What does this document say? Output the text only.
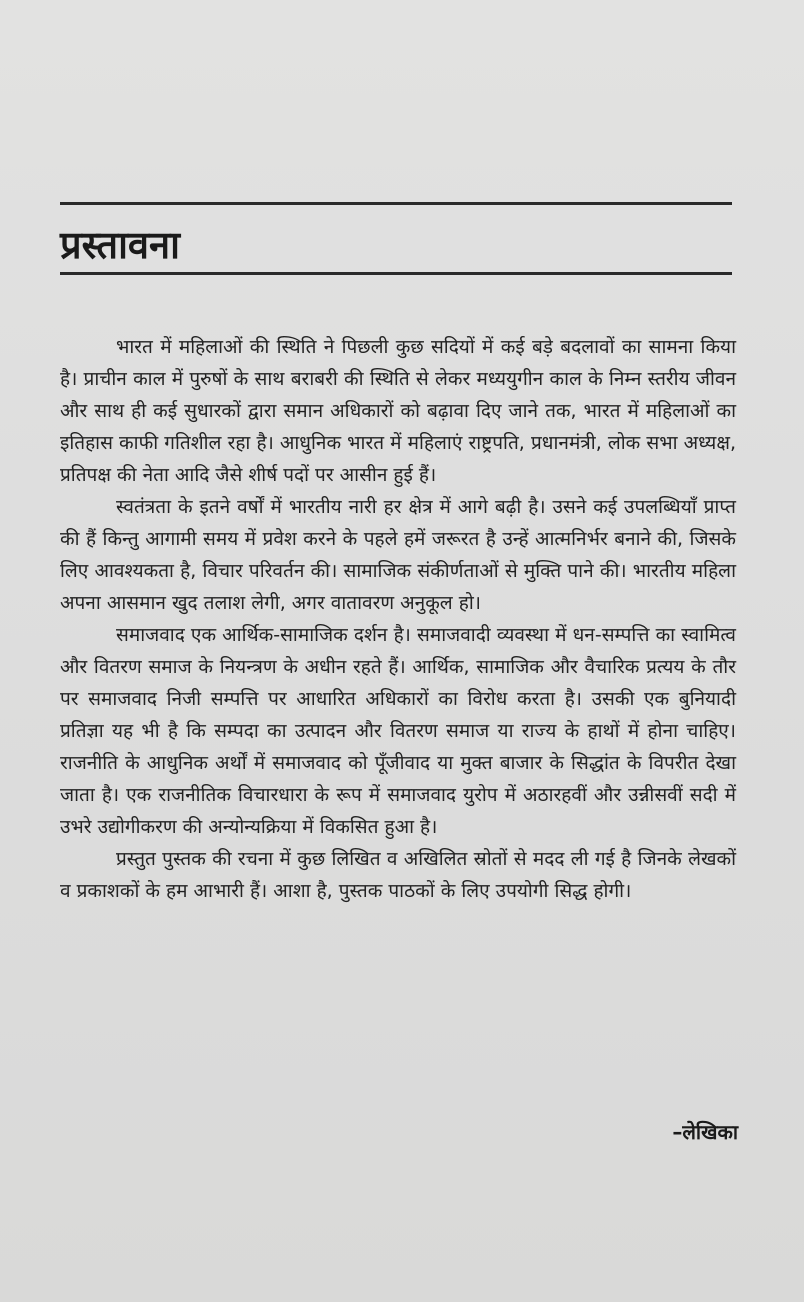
प्रस्तावना

भारत में महिलाओं की स्थिति ने पिछली कुछ सदियों में कई बड़े बदलावों का सामना किया है। प्राचीन काल में पुरुषों के साथ बराबरी की स्थिति से लेकर मध्ययुगीन काल के निम्न स्तरीय जीवन और साथ ही कई सुधारकों द्वारा समान अधिकारों को बढ़ावा दिए जाने तक, भारत में महिलाओं का इतिहास काफी गतिशील रहा है। आधुनिक भारत में महिलाएं राष्ट्रपति, प्रधानमंत्री, लोक सभा अध्यक्ष, प्रतिपक्ष की नेता आदि जैसे शीर्ष पदों पर आसीन हुई हैं।

स्वतंत्रता के इतने वर्षों में भारतीय नारी हर क्षेत्र में आगे बढ़ी है। उसने कई उपलब्धियाँ प्राप्त की हैं किन्तु आगामी समय में प्रवेश करने के पहले हमें जरूरत है उन्हें आत्मनिर्भर बनाने की, जिसके लिए आवश्यकता है, विचार परिवर्तन की। सामाजिक संकीर्णताओं से मुक्ति पाने की। भारतीय महिला अपना आसमान खुद तलाश लेगी, अगर वातावरण अनुकूल हो।

समाजवाद एक आर्थिक-सामाजिक दर्शन है। समाजवादी व्यवस्था में धन-सम्पत्ति का स्वामित्व और वितरण समाज के नियन्त्रण के अधीन रहते हैं। आर्थिक, सामाजिक और वैचारिक प्रत्यय के तौर पर समाजवाद निजी सम्पत्ति पर आधारित अधिकारों का विरोध करता है। उसकी एक बुनियादी प्रतिज्ञा यह भी है कि सम्पदा का उत्पादन और वितरण समाज या राज्य के हाथों में होना चाहिए। राजनीति के आधुनिक अर्थों में समाजवाद को पूँजीवाद या मुक्त बाजार के सिद्धांत के विपरीत देखा जाता है। एक राजनीतिक विचारधारा के रूप में समाजवाद युरोप में अठारहवीं और उन्नीसवीं सदी में उभरे उद्योगीकरण की अन्योन्यक्रिया में विकसित हुआ है।

प्रस्तुत पुस्तक की रचना में कुछ लिखित व अखिलित स्रोतों से मदद ली गई है जिनके लेखकों व प्रकाशकों के हम आभारी हैं। आशा है, पुस्तक पाठकों के लिए उपयोगी सिद्ध होगी।

–लेखिका
